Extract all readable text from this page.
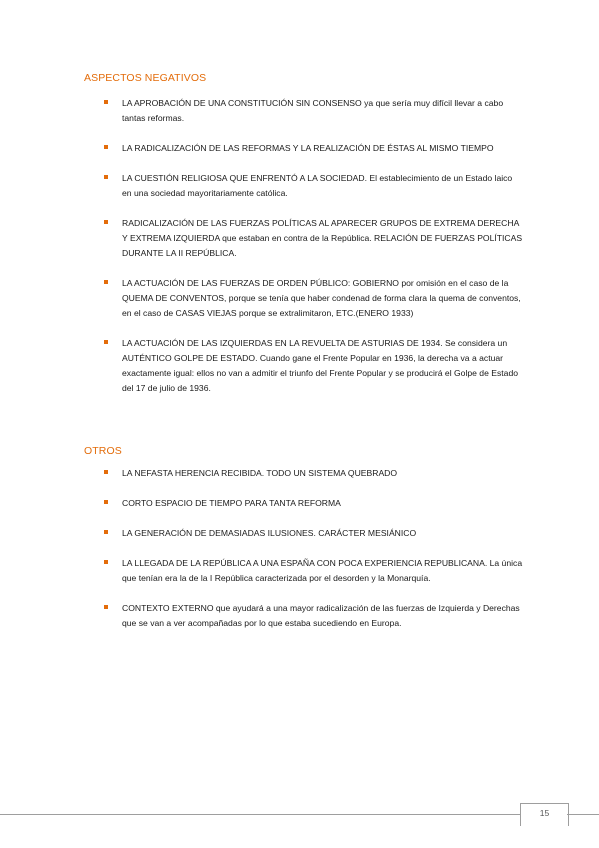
ASPECTOS NEGATIVOS
LA APROBACIÓN DE UNA CONSTITUCIÓN SIN CONSENSO ya que sería muy difícil llevar a cabo tantas reformas.
LA RADICALIZACIÓN DE LAS REFORMAS Y LA REALIZACIÓN DE ÉSTAS AL MISMO TIEMPO
LA CUESTIÓN RELIGIOSA QUE ENFRENTÓ A LA SOCIEDAD. El establecimiento de un Estado laico en una sociedad mayoritariamente católica.
RADICALIZACIÓN DE LAS FUERZAS POLÍTICAS AL APARECER GRUPOS DE EXTREMA DERECHA Y EXTREMA IZQUIERDA que estaban en contra de la República. RELACIÓN DE FUERZAS POLÍTICAS DURANTE LA II REPÚBLICA.
LA ACTUACIÓN DE LAS FUERZAS DE ORDEN PÚBLICO: GOBIERNO por omisión en el caso de la QUEMA DE CONVENTOS, porque se tenía que haber condenad de forma clara la quema de conventos, en el caso de CASAS VIEJAS porque se extralimitaron, ETC.(ENERO 1933)
LA ACTUACIÓN DE LAS IZQUIERDAS EN LA REVUELTA DE ASTURIAS DE 1934. Se considera un AUTÉNTICO GOLPE DE ESTADO. Cuando gane el Frente Popular en 1936, la derecha va a actuar exactamente igual: ellos no van a admitir el triunfo del Frente Popular y se producirá el Golpe de Estado del 17 de julio de 1936.
OTROS
LA NEFASTA HERENCIA RECIBIDA. TODO UN SISTEMA QUEBRADO
CORTO ESPACIO DE TIEMPO PARA TANTA REFORMA
LA GENERACIÓN DE DEMASIADAS ILUSIONES. CARÁCTER MESIÁNICO
LA LLEGADA DE LA REPÚBLICA A UNA ESPAÑA CON POCA EXPERIENCIA REPUBLICANA. La única que tenían era la de la I República caracterizada por el desorden y la Monarquía.
CONTEXTO EXTERNO que ayudará a una mayor radicalización de las fuerzas de Izquierda y Derechas que se van a ver acompañadas por lo que estaba sucediendo en Europa.
15
